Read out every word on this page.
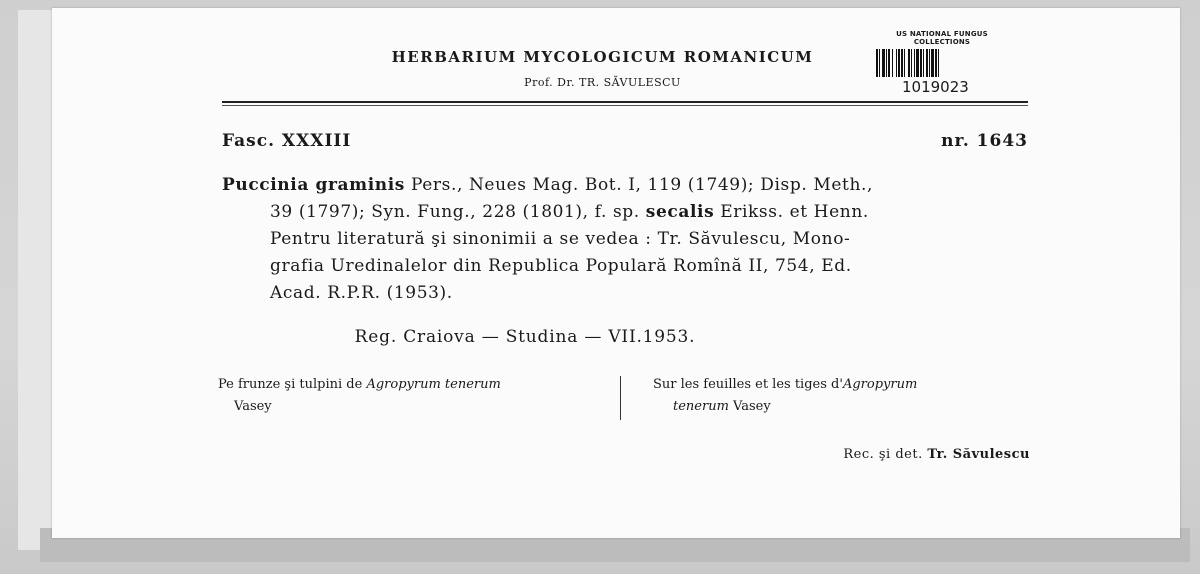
HERBARIUM MYCOLOGICUM ROMANICUM
Prof. Dr. TR. SĂVULESCU
US NATIONAL FUNGUS COLLECTIONS
1019023
Fasc. XXXIII	nr. 1643
Puccinia graminis Pers., Neues Mag. Bot. I, 119 (1749); Disp. Meth.,
39 (1797); Syn. Fung., 228 (1801), f. sp. secalis Erikss. et Henn.
Pentru literatură şi sinonimii a se vedea : Tr. Săvulescu, Mono-
grafia Uredinalelor din Republica Populară Romînă II, 754, Ed.
Acad. R.P.R. (1953).
Reg. Craiova — Studina — VII.1953.
Pe frunze şi tulpini de Agropyrum tenerum
Vasey
Sur les feuilles et les tiges d'Agropyrum
tenerum Vasey
Rec. şi det. Tr. Săvulescu
